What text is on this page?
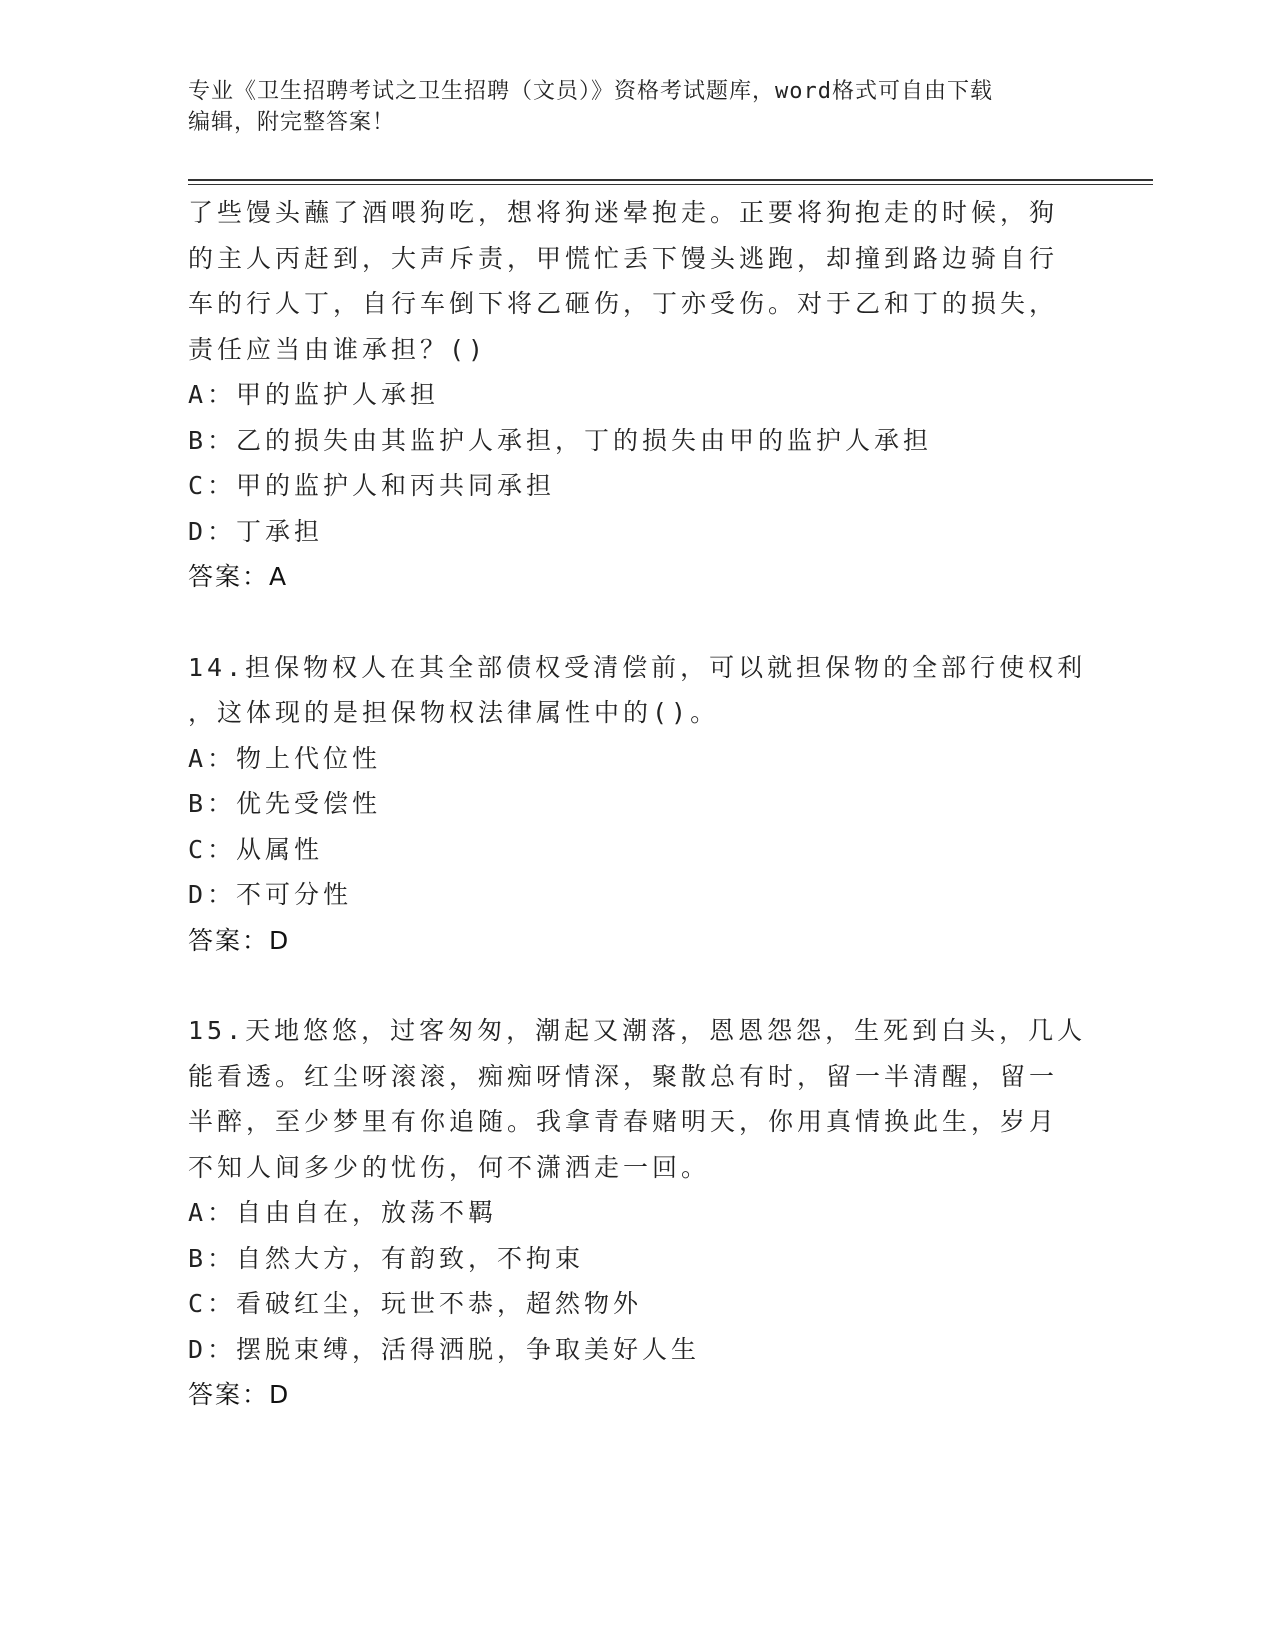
专业《卫生招聘考试之卫生招聘（文员）》资格考试题库，word格式可自由下载
编辑，附完整答案！
了些馒头蘸了酒喂狗吃，想将狗迷晕抱走。正要将狗抱走的时候，狗
的主人丙赶到，大声斥责，甲慌忙丢下馒头逃跑，却撞到路边骑自行
车的行人丁，自行车倒下将乙砸伤，丁亦受伤。对于乙和丁的损失，
责任应当由谁承担？()
A：甲的监护人承担
B：乙的损失由其监护人承担，丁的损失由甲的监护人承担
C：甲的监护人和丙共同承担
D：丁承担
答案：A
14.担保物权人在其全部债权受清偿前，可以就担保物的全部行使权利
，这体现的是担保物权法律属性中的()。
A：物上代位性
B：优先受偿性
C：从属性
D：不可分性
答案：D
15.天地悠悠，过客匆匆，潮起又潮落，恩恩怨怨，生死到白头，几人
能看透。红尘呀滚滚，痴痴呀情深，聚散总有时，留一半清醒，留一
半醉，至少梦里有你追随。我拿青春赌明天，你用真情换此生，岁月
不知人间多少的忧伤，何不潇洒走一回。
A：自由自在，放荡不羁
B：自然大方，有韵致，不拘束
C：看破红尘，玩世不恭，超然物外
D：摆脱束缚，活得洒脱，争取美好人生
答案：D
